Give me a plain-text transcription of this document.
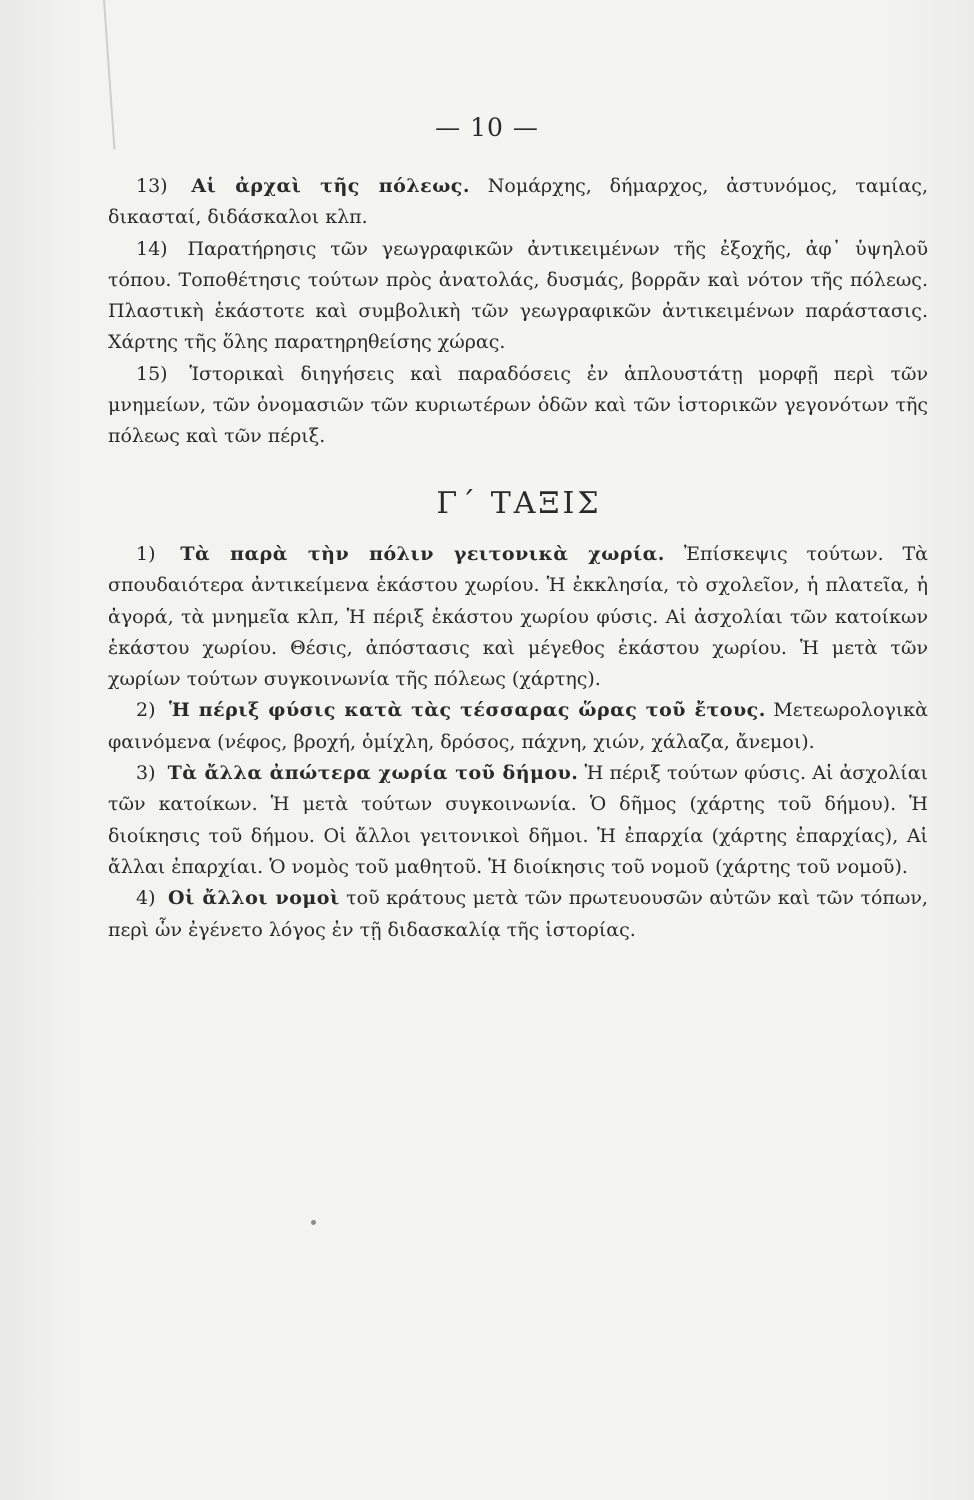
— 10 —

13) Αἱ ἀρχαὶ τῆς πόλεως. Νομάρχης, δήμαρχος, ἀστυνόμος, ταμίας, δικασταί, διδάσκαλοι κλπ.

14) Παρατήρησις τῶν γεωγραφικῶν ἀντικειμένων τῆς ἐξοχῆς, ἀφ᾽ ὑψηλοῦ τόπου. Τοποθέτησις τούτων πρὸς ἀνατολάς, δυσμάς, βορρᾶν καὶ νότον τῆς πόλεως. Πλαστικὴ ἑκάστοτε καὶ συμβολικὴ τῶν γεωγραφικῶν ἀντικειμένων παράστασις. Χάρτης τῆς ὅλης παρατηρηθείσης χώρας.

15) Ἱστορικαὶ διηγήσεις καὶ παραδόσεις ἐν ἁπλουστάτῃ μορφῇ περὶ τῶν μνημείων, τῶν ὀνομασιῶν τῶν κυριωτέρων ὁδῶν καὶ τῶν ἱστορικῶν γεγονότων τῆς πόλεως καὶ τῶν πέριξ.

Γ΄ ΤΑΞΙΣ

1) Τὰ παρὰ τὴν πόλιν γειτονικὰ χωρία. Ἐπίσκεψις τούτων. Τὰ σπουδαιότερα ἀντικείμενα ἑκάστου χωρίου. Ἡ ἐκκλησία, τὸ σχολεῖον, ἡ πλατεῖα, ἡ ἀγορά, τὰ μνημεῖα κλπ, Ἡ πέριξ ἑκάστου χωρίου φύσις. Αἱ ἀσχολίαι τῶν κατοίκων ἑκάστου χωρίου. Θέσις, ἀπόστασις καὶ μέγεθος ἑκάστου χωρίου. Ἡ μετὰ τῶν χωρίων τούτων συγκοινωνία τῆς πόλεως (χάρτης).

2) Ἡ πέριξ φύσις κατὰ τὰς τέσσαρας ὥρας τοῦ ἔτους. Μετεωρολογικὰ φαινόμενα (νέφος, βροχή, ὁμίχλη, δρόσος, πάχνη, χιών, χάλαζα, ἄνεμοι).

3) Τὰ ἄλλα ἀπώτερα χωρία τοῦ δήμου. Ἡ πέριξ τούτων φύσις. Αἱ ἀσχολίαι τῶν κατοίκων. Ἡ μετὰ τούτων συγκοινωνία. Ὁ δῆμος (χάρτης τοῦ δήμου). Ἡ διοίκησις τοῦ δήμου. Οἱ ἄλλοι γειτονικοὶ δῆμοι. Ἡ ἐπαρχία (χάρτης ἐπαρχίας), Αἱ ἄλλαι ἐπαρχίαι. Ὁ νομὸς τοῦ μαθητοῦ. Ἡ διοίκησις τοῦ νομοῦ (χάρτης τοῦ νομοῦ).

4) Οἱ ἄλλοι νομοὶ τοῦ κράτους μετὰ τῶν πρωτευουσῶν αὐτῶν καὶ τῶν τόπων, περὶ ὧν ἐγένετο λόγος ἐν τῇ διδασκαλίᾳ τῆς ἱστορίας.
